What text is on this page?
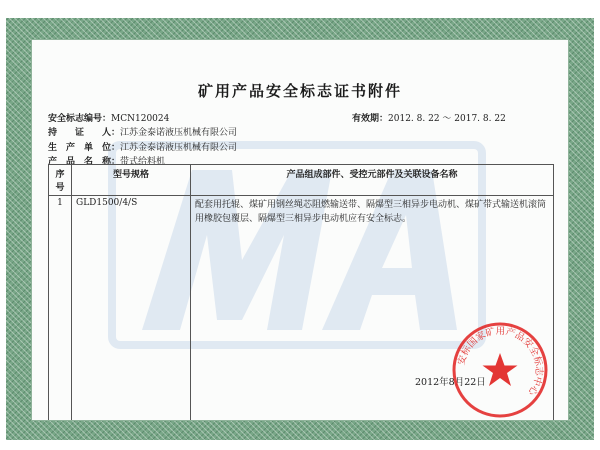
矿用产品安全标志证书附件
安全标志编号：MCN120024	有效期：2012. 8. 22 ～ 2017. 8. 22
持　　证　　人：江苏金泰诺液压机械有限公司
生　产　单　位：江苏金泰诺液压机械有限公司
产　品　名　称：带式给料机
序号	型号规格	产品组成部件、受控元部件及关联设备名称
1	GLD1500/4/S	配套用托辊、煤矿用钢丝绳芯阻燃输送带、隔爆型三相异步电动机、煤矿带式输送机滚筒用橡胶包覆层、隔爆型三相异步电动机应有安全标志。
2012年8月22日
安标国家矿用产品安全标志中心
